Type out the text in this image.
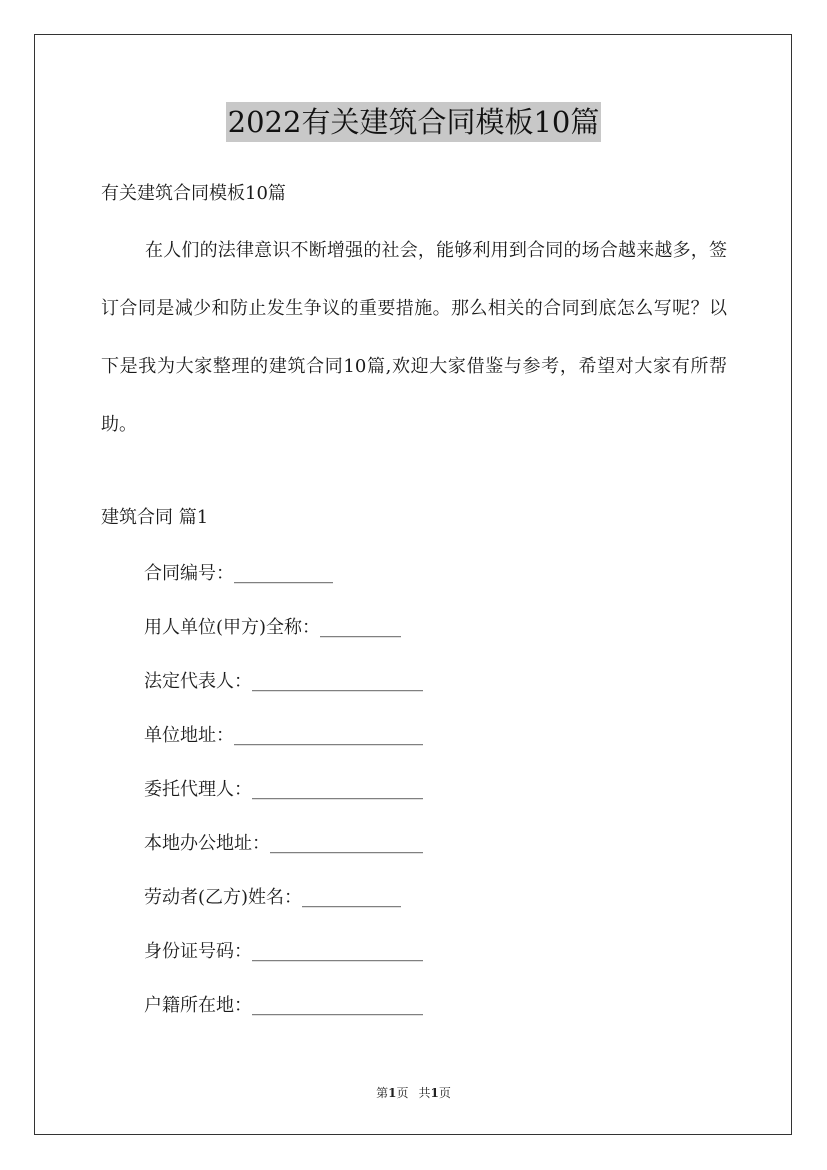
2022有关建筑合同模板10篇
有关建筑合同模板10篇

在人们的法律意识不断增强的社会，能够利用到合同的场合越来越多，签订合同是减少和防止发生争议的重要措施。那么相关的合同到底怎么写呢？以下是我为大家整理的建筑合同10篇,欢迎大家借鉴与参考，希望对大家有所帮助。

建筑合同 篇1
合同编号：___________
用人单位(甲方)全称：_________
法定代表人：___________________
单位地址：_____________________
委托代理人：___________________
本地办公地址：_________________
劳动者(乙方)姓名：___________
身份证号码：___________________
户籍所在地：___________________
第1页 共1页
